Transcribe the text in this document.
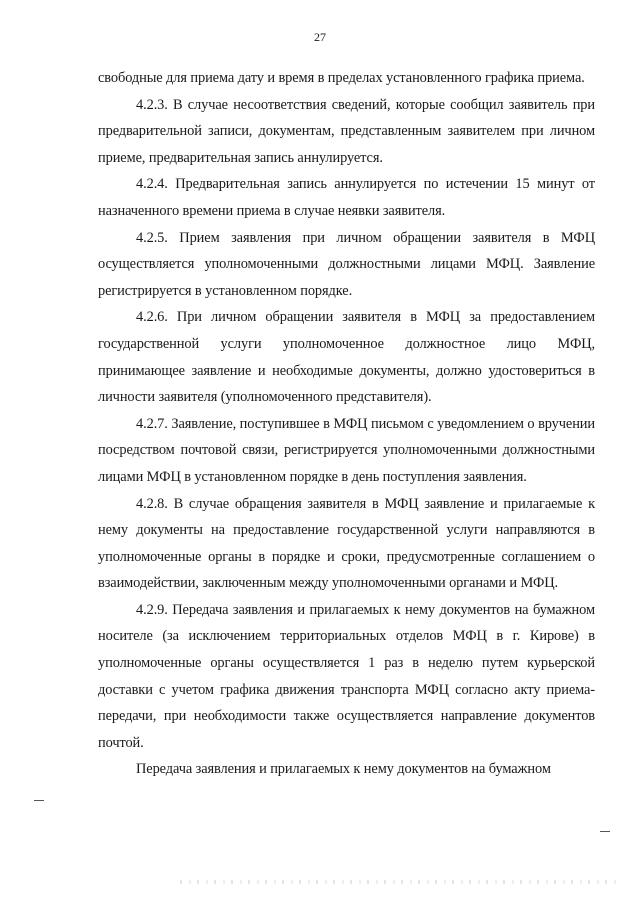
27

свободные для приема дату и время в пределах установленного графика приема.

4.2.3. В случае несоответствия сведений, которые сообщил заявитель при предварительной записи, документам, представленным заявителем при личном приеме, предварительная запись аннулируется.

4.2.4. Предварительная запись аннулируется по истечении 15 минут от назначенного времени приема в случае неявки заявителя.

4.2.5. Прием заявления при личном обращении заявителя в МФЦ осуществляется уполномоченными должностными лицами МФЦ. Заявление регистрируется в установленном порядке.

4.2.6. При личном обращении заявителя в МФЦ за предоставлением государственной услуги уполномоченное должностное лицо МФЦ, принимающее заявление и необходимые документы, должно удостовериться в личности заявителя (уполномоченного представителя).

4.2.7. Заявление, поступившее в МФЦ письмом с уведомлением о вручении посредством почтовой связи, регистрируется уполномоченными должностными лицами МФЦ в установленном порядке в день поступления заявления.

4.2.8. В случае обращения заявителя в МФЦ заявление и прилагаемые к нему документы на предоставление государственной услуги направляются в уполномоченные органы в порядке и сроки, предусмотренные соглашением о взаимодействии, заключенным между уполномоченными органами и МФЦ.

4.2.9. Передача заявления и прилагаемых к нему документов на бумажном носителе (за исключением территориальных отделов МФЦ в г. Кирове) в уполномоченные органы осуществляется 1 раз в неделю путем курьерской доставки с учетом графика движения транспорта МФЦ согласно акту приема-передачи, при необходимости также осуществляется направление документов почтой.

Передача заявления и прилагаемых к нему документов на бумажном
